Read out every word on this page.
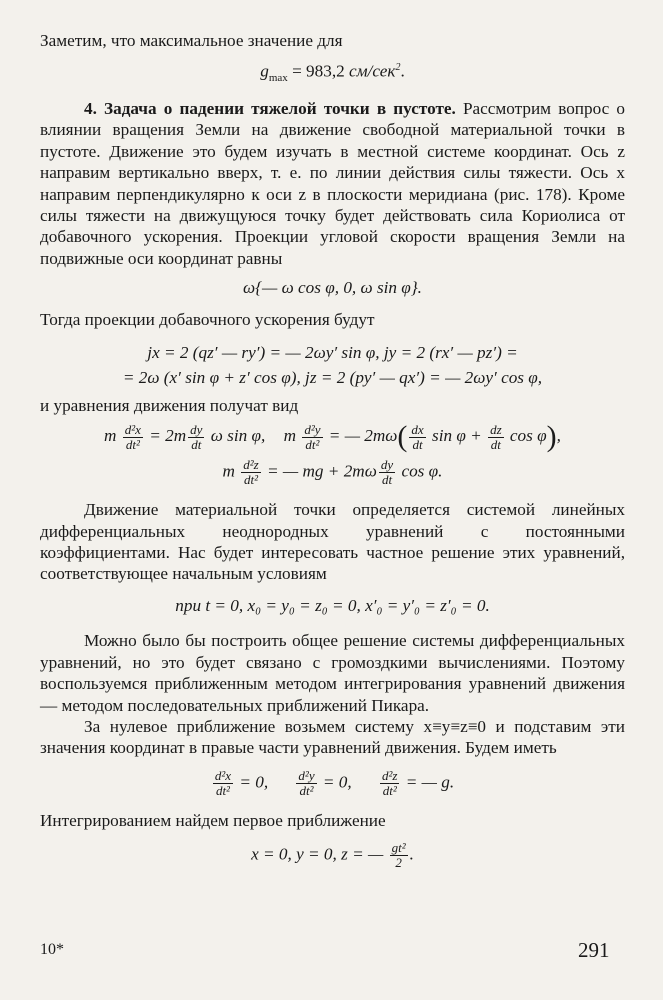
Заметим, что максимальное значение для

$g_{max} = 983,2$ см/сек$^2$.

4. Задача о падении тяжелой точки в пустоте. Рассмотрим вопрос о влиянии вращения Земли на движение свободной материальной точки в пустоте. Движение это будем изучать в местной системе координат. Ось z направим вертикально вверх, т. е. по линии действия силы тяжести. Ось x направим перпендикулярно к оси z в плоскости меридиана (рис. 178). Кроме силы тяжести на движущуюся точку будет действовать сила Кориолиса от добавочного ускорения. Проекции угловой скорости вращения Земли на подвижные оси координат равны

ω{— ω cos φ, 0, ω sin φ}.

Тогда проекции добавочного ускорения будут

jx = 2 (qz′ — ry′) = — 2ωy′ sin φ, jy = 2 (rx′ — pz′) =
= 2ω (x′ sin φ + z′ cos φ), jz = 2 (py′ — qx′) = — 2ωy′ cos φ,

и уравнения движения получат вид

m $\frac{\text{d²x}}{\text{dt²}} = 2m \frac{dy}{dt}$ ω sin φ, m $\frac{\text{d²y}}{\text{dt²}}$ = — $2m\omega( \frac{dx}{dt}$ $\sin \varphi + \frac{dz}{dt}$ cos φ),
m $\frac{\text{d²z}}{\text{dt²}}$ = — mg + $2m\omega \frac{dy}{dt}$ cos φ.

Движение материальной точки определяется системой линейных дифференциальных неоднородных уравнений с постоянными коэффициентами. Нас будет интересовать частное решение этих уравнений, соответствующее начальным условиям

при t = 0, x₀ = y₀ = z₀ = 0, x′₀ = y′₀ = z′₀ = 0.

Можно было бы построить общее решение системы дифференциальных уравнений, но это будет связано с громоздкими вычислениями. Поэтому воспользуемся приближенным методом интегрирования уравнений движения — методом последовательных приближений Пикара.

За нулевое приближение возьмем систему x≡y≡z≡0 и подставим эти значения координат в правые части уравнений движения. Будем иметь

$\frac{\text{d²x}}{\text{dt²}} = 0$, $\frac{\text{d²y}}{\text{dt²}} = 0$, $\frac{\text{d²z}}{\text{dt²}}$ = — g.

Интегрированием найдем первое приближение

x = 0, y = 0, z = — $\frac{\text{gt²}}{2}$ .
10*	291
